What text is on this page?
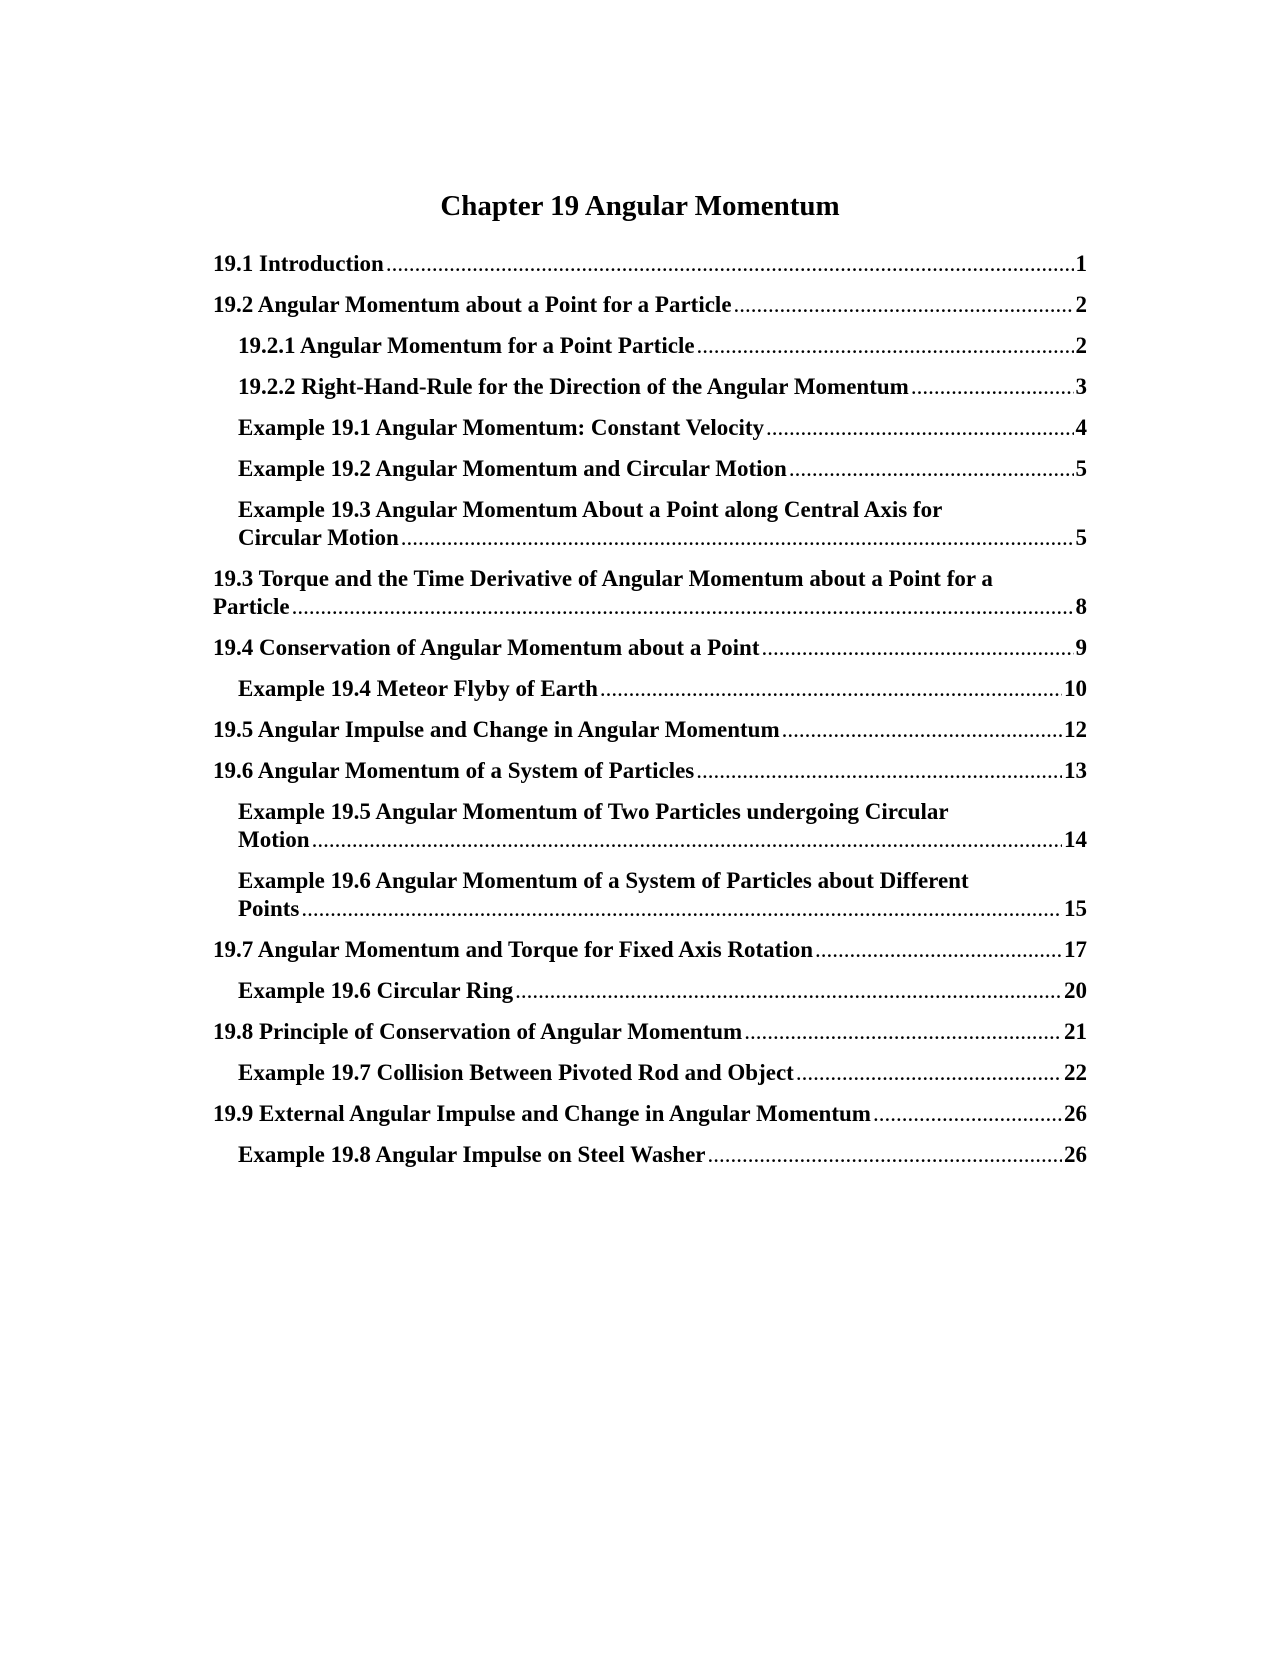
Chapter 19 Angular Momentum
19.1 Introduction .....	1
19.2 Angular Momentum about a Point for a Particle .....	2
19.2.1 Angular Momentum for a Point Particle .....	2
19.2.2 Right-Hand-Rule for the Direction of the Angular Momentum .....	3
Example 19.1 Angular Momentum: Constant Velocity .....	4
Example 19.2 Angular Momentum and Circular Motion .....	5
Example 19.3 Angular Momentum About a Point along Central Axis for
Circular Motion .....	5
19.3 Torque and the Time Derivative of Angular Momentum about a Point for a
Particle .....	8
19.4 Conservation of Angular Momentum about a Point .....	9
Example 19.4 Meteor Flyby of Earth .....	10
19.5 Angular Impulse and Change in Angular Momentum .....	12
19.6 Angular Momentum of a System of Particles .....	13
Example 19.5 Angular Momentum of Two Particles undergoing Circular
Motion .....	14
Example 19.6 Angular Momentum of a System of Particles about Different
Points .....	15
19.7 Angular Momentum and Torque for Fixed Axis Rotation .....	17
Example 19.6 Circular Ring .....	20
19.8 Principle of Conservation of Angular Momentum .....	21
Example 19.7 Collision Between Pivoted Rod and Object .....	22
19.9 External Angular Impulse and Change in Angular Momentum .....	26
Example 19.8 Angular Impulse on Steel Washer .....	26
